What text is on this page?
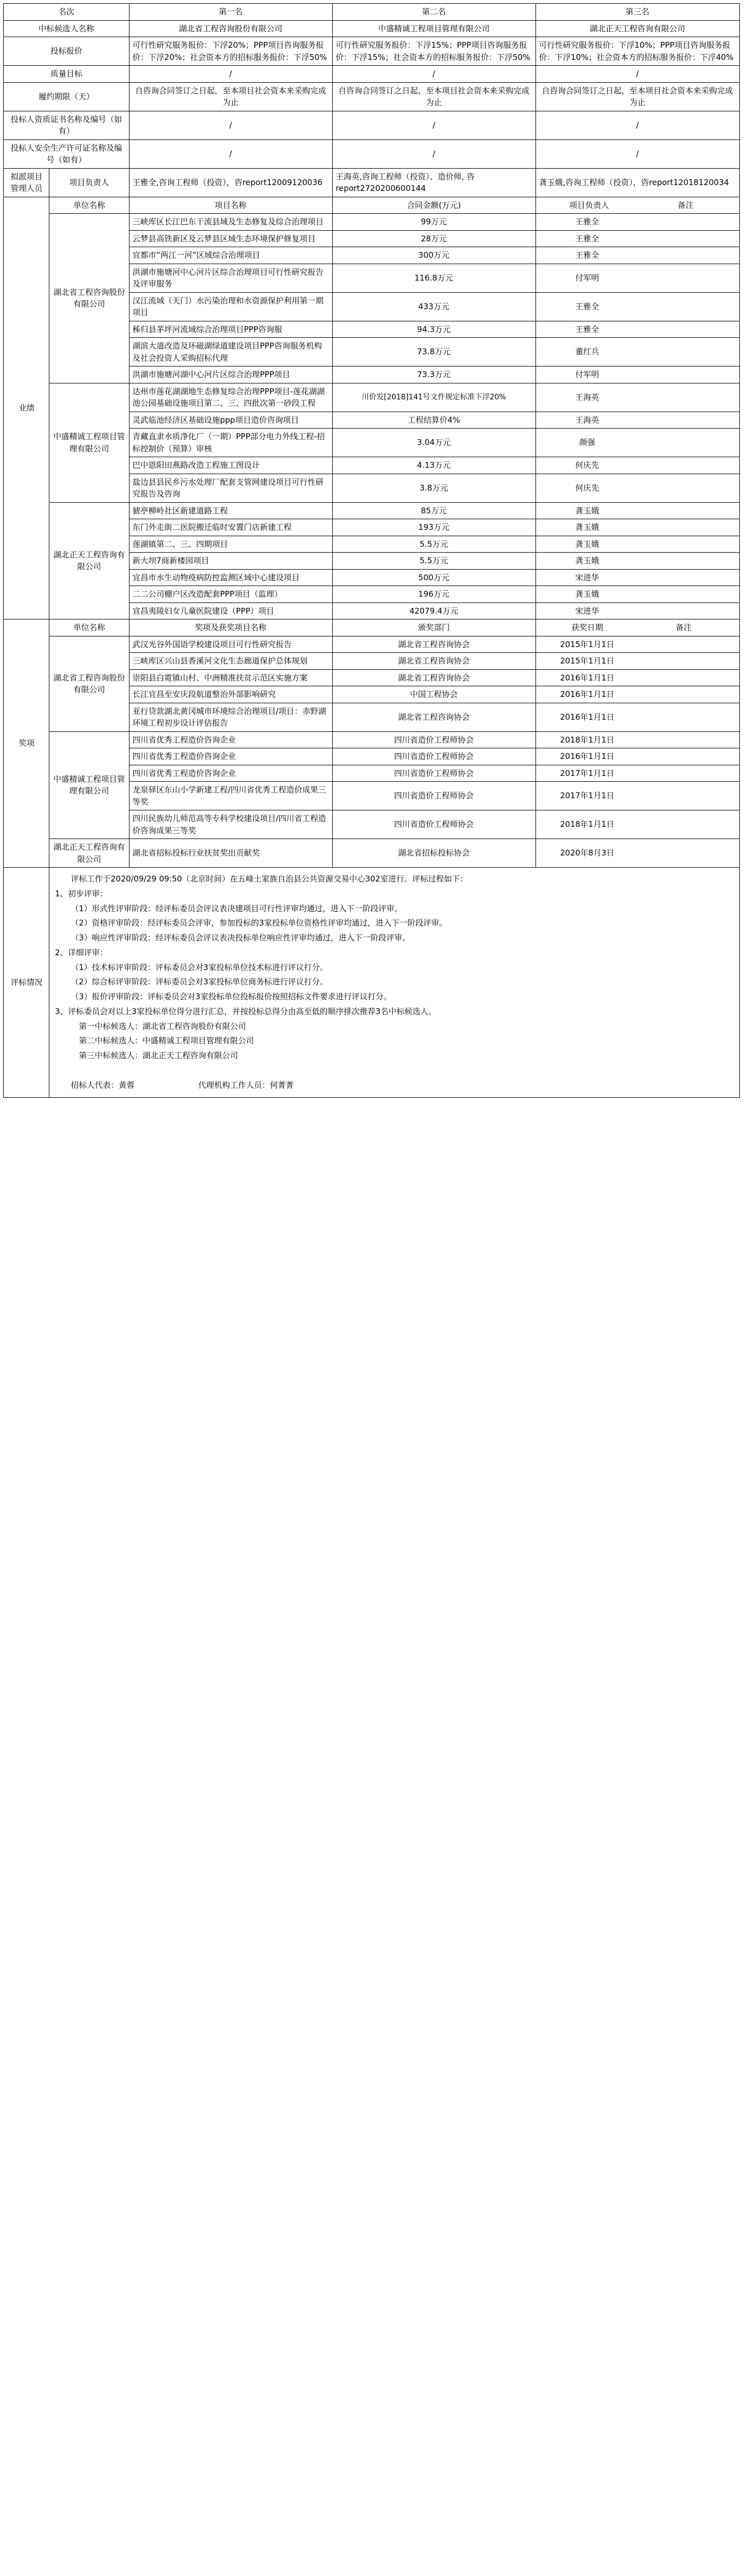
名次		第一名	第二名	第三名
中标候选人名称		湖北省工程咨询股份有限公司	中盛精诚工程项目管理有限公司	湖北正天工程咨询有限公司
投标报价		可行性研究服务报价：下浮20%；PPP项目咨询服务报价：下浮20%；社会资本方的招标服务报价：下浮50%	可行性研究服务报价：下浮15%；PPP项目咨询服务报价：下浮15%；社会资本方的招标服务报价：下浮50%	可行性研究服务报价：下浮10%；PPP项目咨询服务报价：下浮10%；社会资本方的招标服务报价：下浮40%
质量目标		/	/	/
履约期限（天）		自咨询合同签订之日起，至本项目社会资本来采购完成为止	自咨询合同签订之日起，至本项目社会资本来采购完成为止	自咨询合同签订之日起，至本项目社会资本来采购完成为止
投标人资质证书名称及编号（如有）		/	/	/
投标人安全生产许可证名称及编号（如有）		/	/	/
拟派项目管理人员	项目负责人	王雅全,咨询工程师（投资），咨report12009120036	王海英,咨询工程师（投资）、造价师, 咨report2720200600144	龚玉娥,咨询工程师（投资），咨report12018120034
业绩	单位名称	项目名称	合同金额(万元)	项目负责人 备注
	湖北省工程咨询股份有限公司	三峡库区长江巴东干流县域及生态修复及综合治理项目	99万元	王雅全
		云梦县高铁新区及云梦县区域生态环境保护修复项目	28万元	王雅全
		宜都市“两江一河”区域综合治理项目	300万元	王雅全
		洪湖市施塘河中心河片区综合治理项目可行性研究报告及评审服务	116.8万元	付军明
		汉江流域（天门）水污染治理和水资源保护利用第一期项目	433万元	王雅全
		秭归县茅坪河流域综合治理项目PPP咨询服	94.3万元	王雅全
		湖滨大道改造及环磁湖绿道建设项目PPP咨询服务机构及社会投资人采购招标代理	73.8万元	董红兵
		洪湖市施塘河湖中心河片区综合治理PPP项目	73.3万元	付军明
	中盛精诚工程项目管理有限公司	达州市莲花湖湖地生态修复综合治理PPP项目-莲花湖湖池公园基础设施项目第二、三、四批次第一砂段工程	川价发[2018]141号文件规定标准下浮20%	王海英
		灵武临池经济区基础设施ppp项目造价咨询项目	工程结算价4%	王海英
		青藏直隶水质净化厂（一期）PPP部分电力外线工程-招标控制价（预算）审核	3.04万元	颜强
		巴中恩阳田燕路改造工程施工图设计	4.13万元	何庆先
		盐边县县民乡污水处理厂配套支管网建设项目可行性研究报告及咨询	3.8万元	何庆先
	湖北正天工程咨询有限公司	猇亭柳岭社区新建道路工程	85万元	龚玉娥
		东门外走街二医院搬迁临时安置门店新建工程	193万元	龚玉娥
		莲湖镇第二、三、四期项目	5.5万元	龚玉娥
		新大坝7商新楼园项目	5.5万元	龚玉娥
		宜昌市水生动物疫病防控监测区域中心建设项目	500万元	宋进华
		二二公司棚户区改造配套PPP项目（监理）	196万元	龚玉娥
		宜昌夷陵妇女儿童医院建设（PPP）项目	42079.4万元	宋进华
奖项	单位名称	奖项及获奖项目名称	颁奖部门	获奖日期 备注
	湖北省工程咨询股份有限公司	武汉光谷外国语学校建设项目可行性研究报告	湖北省工程咨询协会	2015年1月1日
		三峡库区兴山县香溪河文化生态廊道保护总体规划	湖北省工程咨询协会	2015年1月1日
		崇阳县白霓镇山村、中洲精准扶贫示范区实施方案	湖北省工程咨询协会	2016年1月1日
		长江宜昌至安庆段航道整治外部影响研究	中国工程协会	2016年1月1日
		亚行贷款湖北黄冈城市环境综合治理项目/项目：赤野湖环境工程初步设计评估报告	湖北省工程咨询协会	2016年1月1日
	中盛精诚工程项目管理有限公司	四川省优秀工程造价咨询企业	四川省造价工程师协会	2018年1月1日
		四川省优秀工程造价咨询企业	四川省造价工程师协会	2016年1月1日
		四川省优秀工程造价咨询企业	四川省造价工程师协会	2017年1月1日
		龙泉驿区东山小学新建工程/四川省优秀工程造价成果三等奖	四川省造价工程师协会	2017年1月1日
		四川民族幼儿师范高等专科学校建设项目/四川省工程造价咨询成果三等奖	四川省造价工程师协会	2018年1月1日
	湖北正天工程咨询有限公司	湖北省招标投标行业扶贫奖出贡献奖	湖北省招标投标协会	2020年8月3日
评标情况	

评标工作于2020/09/29 09:50（北京时间）在五峰土家族自治县公共资源交易中心302室进行。评标过程如下：

1、初步评审：

（1）形式性评审阶段：经评标委员会评议表决建项目可行性评审均通过，进入下一阶段评审。

（2）资格评审阶段：经评标委员会评审，参加投标的3家投标单位资格性评审均通过，进入下一阶段评审。

（3）响应性评审阶段：经评标委员会评议表决投标单位响应性评审均通过，进入下一阶段评审。

2、详细评审：

（1）技术标评审阶段：评标委员会对3家投标单位技术标进行评议打分。

（2）综合标评审阶段：评标委员会对3家投标单位商务标进行评议打分。

（3）报价评审阶段：评标委员会对3家投标单位投标报价按照招标文件要求进行评议打分。

3、评标委员会对以上3家投标单位得分进行汇总，并按投标总得分由高至低的顺序排次推荐3名中标候选人。

第一中标候选人：湖北省工程咨询股份有限公司

第二中标候选人：中盛精诚工程项目管理有限公司

第三中标候选人：湖北正天工程咨询有限公司

招标人代表：黄蓉	代理机构工作人员：何菁菁
